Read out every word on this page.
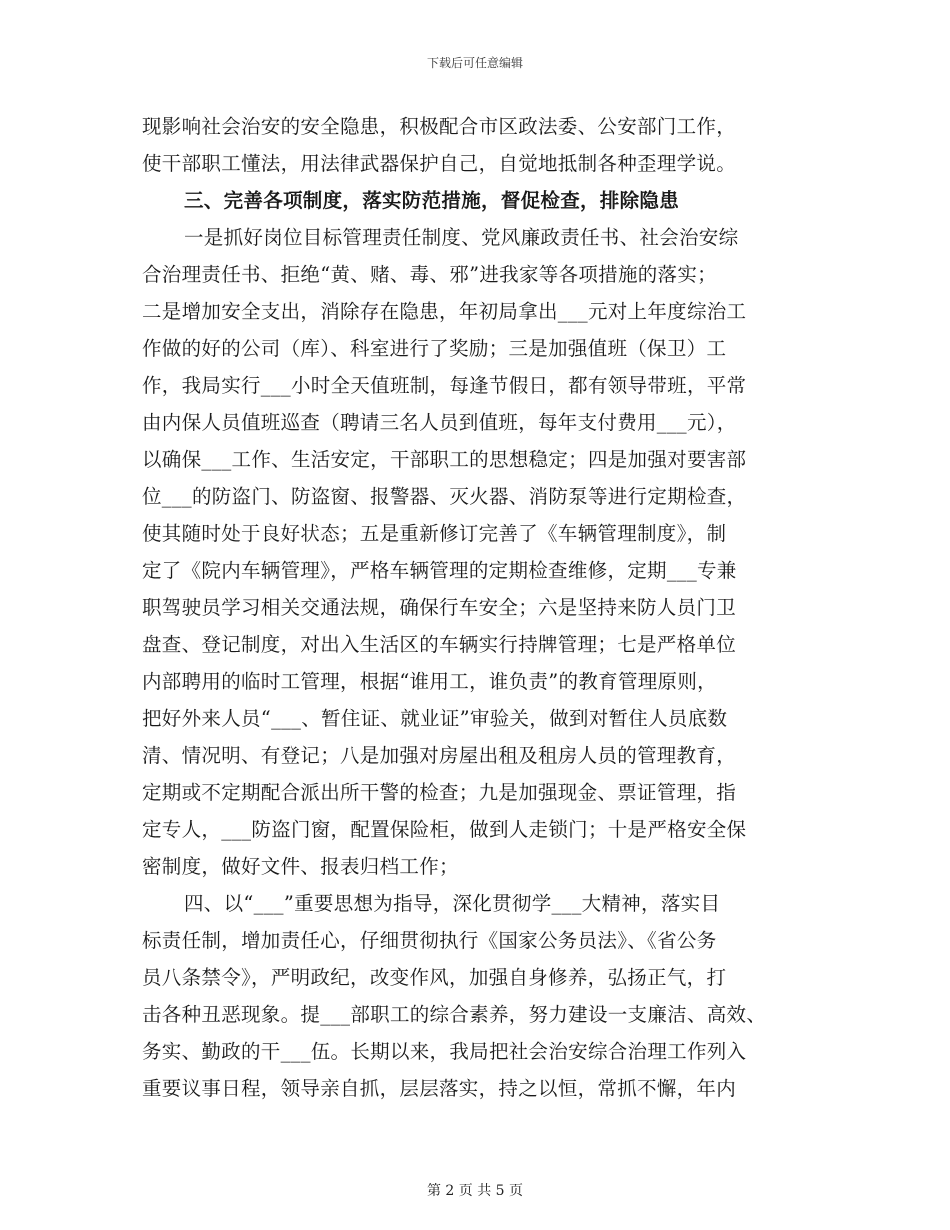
下载后可任意编辑
现影响社会治安的安全隐患，积极配合市区政法委、公安部门工作，
使干部职工懂法，用法律武器保护自己，自觉地抵制各种歪理学说。
三、完善各项制度，落实防范措施，督促检查，排除隐患
一是抓好岗位目标管理责任制度、党风廉政责任书、社会治安综
合治理责任书、拒绝“黄、赌、毒、邪”进我家等各项措施的落实；
二是增加安全支出，消除存在隐患，年初局拿出___元对上年度综治工
作做的好的公司（库）、科室进行了奖励；三是加强值班（保卫）工
作，我局实行___小时全天值班制，每逢节假日，都有领导带班，平常
由内保人员值班巡查（聘请三名人员到值班，每年支付费用___元），
以确保___工作、生活安定，干部职工的思想稳定；四是加强对要害部
位___的防盗门、防盗窗、报警器、灭火器、消防泵等进行定期检查，
使其随时处于良好状态；五是重新修订完善了《车辆管理制度》，制
定了《院内车辆管理》，严格车辆管理的定期检查维修，定期___专兼
职驾驶员学习相关交通法规，确保行车安全；六是坚持来防人员门卫
盘查、登记制度，对出入生活区的车辆实行持牌管理；七是严格单位
内部聘用的临时工管理，根据“谁用工，谁负责”的教育管理原则，
把好外来人员“___、暂住证、就业证”审验关，做到对暂住人员底数
清、情况明、有登记；八是加强对房屋出租及租房人员的管理教育，
定期或不定期配合派出所干警的检查；九是加强现金、票证管理，指
定专人，___防盗门窗，配置保险柜，做到人走锁门；十是严格安全保
密制度，做好文件、报表归档工作；
四、以“___”重要思想为指导，深化贯彻学___大精神，落实目
标责任制，增加责任心，仔细贯彻执行《国家公务员法》、《省公务
员八条禁令》，严明政纪，改变作风，加强自身修养，弘扬正气，打
击各种丑恶现象。提___部职工的综合素养，努力建设一支廉洁、高效、
务实、勤政的干___伍。长期以来，我局把社会治安综合治理工作列入
重要议事日程，领导亲自抓，层层落实，持之以恒，常抓不懈，年内
第 2 页 共 5 页
